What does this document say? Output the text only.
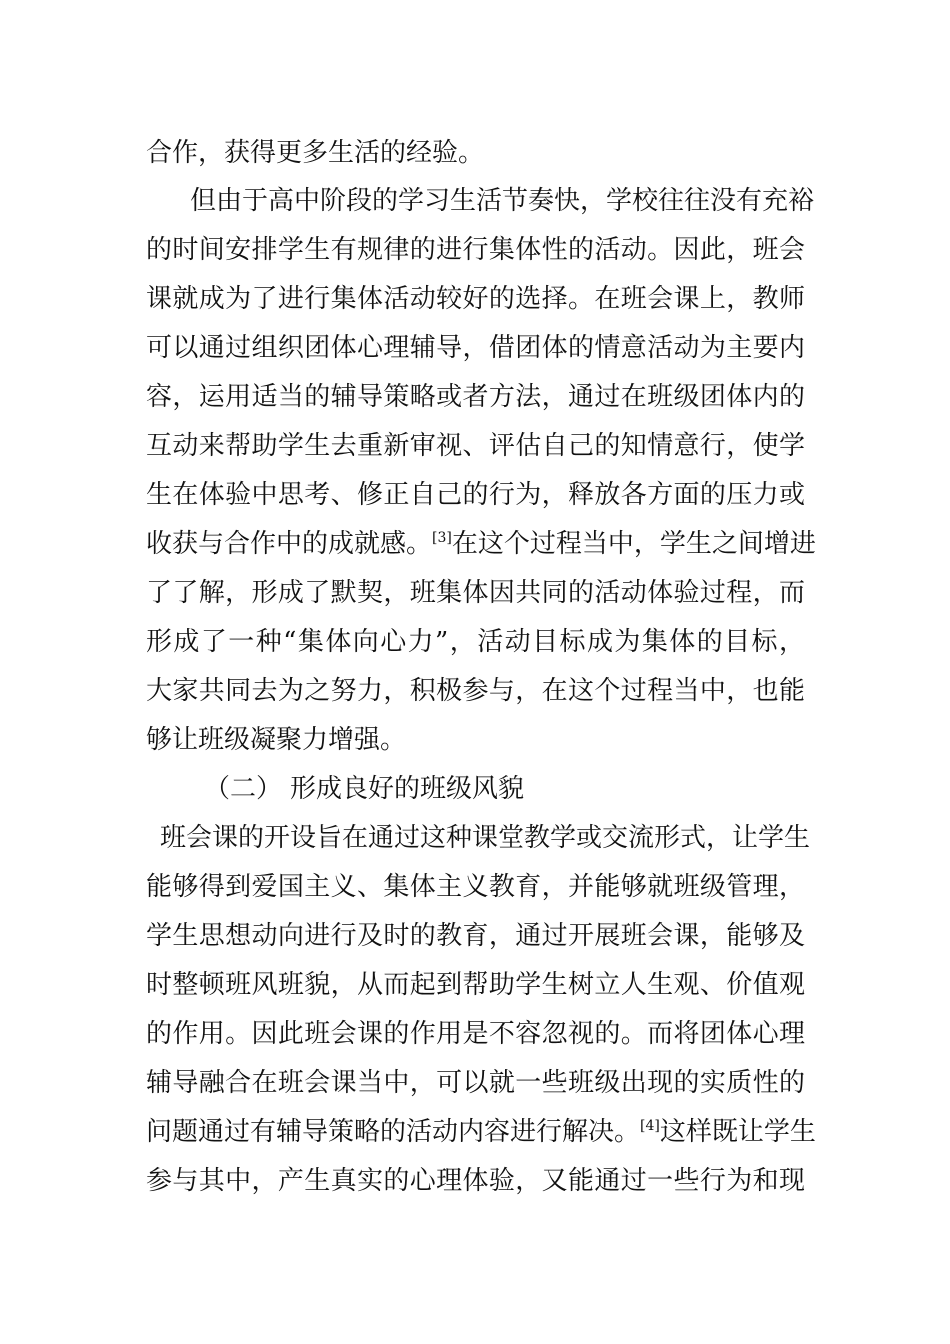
合作，获得更多生活的经验。
但由于高中阶段的学习生活节奏快，学校往往没有充裕
的时间安排学生有规律的进行集体性的活动。因此，班会
课就成为了进行集体活动较好的选择。在班会课上，教师
可以通过组织团体心理辅导，借团体的情意活动为主要内
容，运用适当的辅导策略或者方法，通过在班级团体内的
互动来帮助学生去重新审视、评估自己的知情意行，使学
生在体验中思考、修正自己的行为，释放各方面的压力或
收获与合作中的成就感。[3]在这个过程当中，学生之间增进
了了解，形成了默契，班集体因共同的活动体验过程，而
形成了一种“集体向心力”，活动目标成为集体的目标，
大家共同去为之努力，积极参与，在这个过程当中，也能
够让班级凝聚力增强。
（二） 形成良好的班级风貌
班会课的开设旨在通过这种课堂教学或交流形式，让学生
能够得到爱国主义、集体主义教育，并能够就班级管理，
学生思想动向进行及时的教育，通过开展班会课，能够及
时整顿班风班貌，从而起到帮助学生树立人生观、价值观
的作用。因此班会课的作用是不容忽视的。而将团体心理
辅导融合在班会课当中，可以就一些班级出现的实质性的
问题通过有辅导策略的活动内容进行解决。[4]这样既让学生
参与其中，产生真实的心理体验，又能通过一些行为和现
